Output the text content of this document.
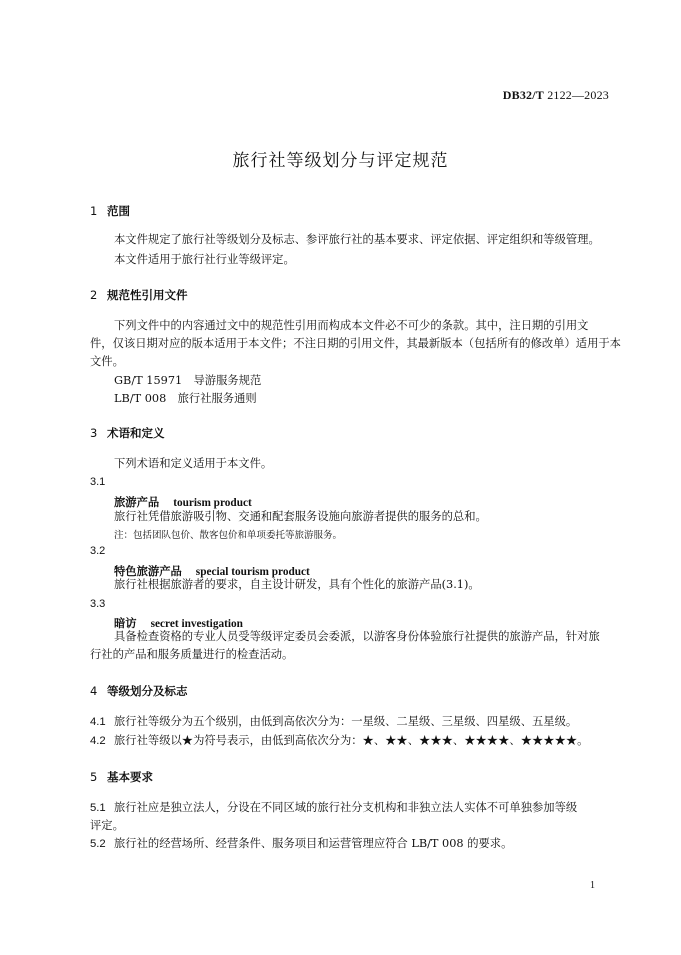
DB32/T 2122—2023
旅行社等级划分与评定规范
1 范围
本文件规定了旅行社等级划分及标志、参评旅行社的基本要求、评定依据、评定组织和等级管理。
本文件适用于旅行社行业等级评定。
2 规范性引用文件
下列文件中的内容通过文中的规范性引用而构成本文件必不可少的条款。其中，注日期的引用文
件，仅该日期对应的版本适用于本文件；不注日期的引用文件，其最新版本（包括所有的修改单）适用于本
文件。
GB/T 15971　导游服务规范
LB/T 008　旅行社服务通则
3 术语和定义
下列术语和定义适用于本文件。
3.1
旅游产品 tourism product
旅行社凭借旅游吸引物、交通和配套服务设施向旅游者提供的服务的总和。
注：包括团队包价、散客包价和单项委托等旅游服务。
3.2
特色旅游产品 special tourism product
旅行社根据旅游者的要求，自主设计研发，具有个性化的旅游产品(3.1)。
3.3
暗访 secret investigation
具备检查资格的专业人员受等级评定委员会委派，以游客身份体验旅行社提供的旅游产品，针对旅
行社的产品和服务质量进行的检查活动。
4 等级划分及标志
4.1 旅行社等级分为五个级别，由低到高依次分为：一星级、二星级、三星级、四星级、五星级。
4.2 旅行社等级以★为符号表示，由低到高依次分为：★、★★、★★★、★★★★、★★★★★。
5 基本要求
5.1 旅行社应是独立法人，分设在不同区域的旅行社分支机构和非独立法人实体不可单独参加等级
评定。
5.2 旅行社的经营场所、经营条件、服务项目和运营管理应符合 LB/T 008 的要求。
1
